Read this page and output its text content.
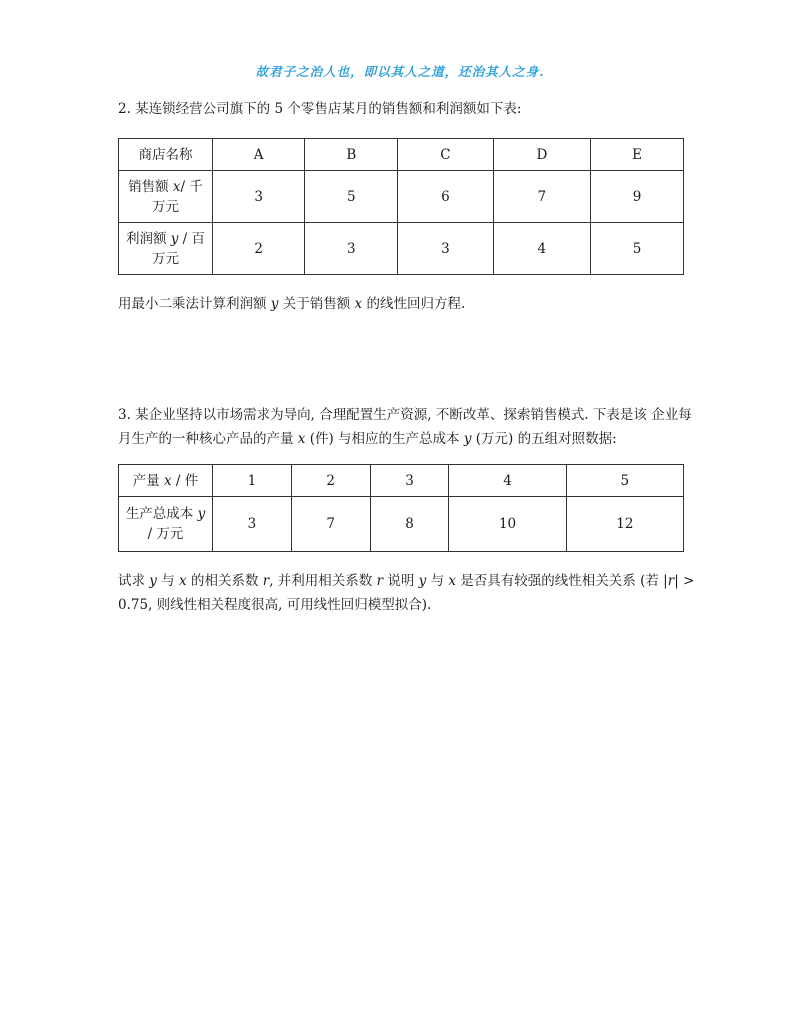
故君子之治人也，即以其人之道，还治其人之身.

2. 某连锁经营公司旗下的 5 个零售店某月的销售额和利润额如下表:

商店名称	A	B	C	D	E
销售额 x/ 千万元	3	5	6	7	9
利润额 y / 百万元	2	3	3	4	5

用最小二乘法计算利润额 y 关于销售额 x 的线性回归方程.

3. 某企业坚持以市场需求为导向, 合理配置生产资源, 不断改革、探索销售模式. 下表是该 企业每月生产的一种核心产品的产量 x (件) 与相应的生产总成本 y (万元) 的五组对照数据:

产量 x / 件	1	2	3	4	5
生产总成本 y / 万元	3	7	8	10	12

试求 y 与 x 的相关系数 r, 并利用相关系数 r 说明 y 与 x 是否具有较强的线性相关关系 (若 |r| > 0.75, 则线性相关程度很高, 可用线性回归模型拟合).
